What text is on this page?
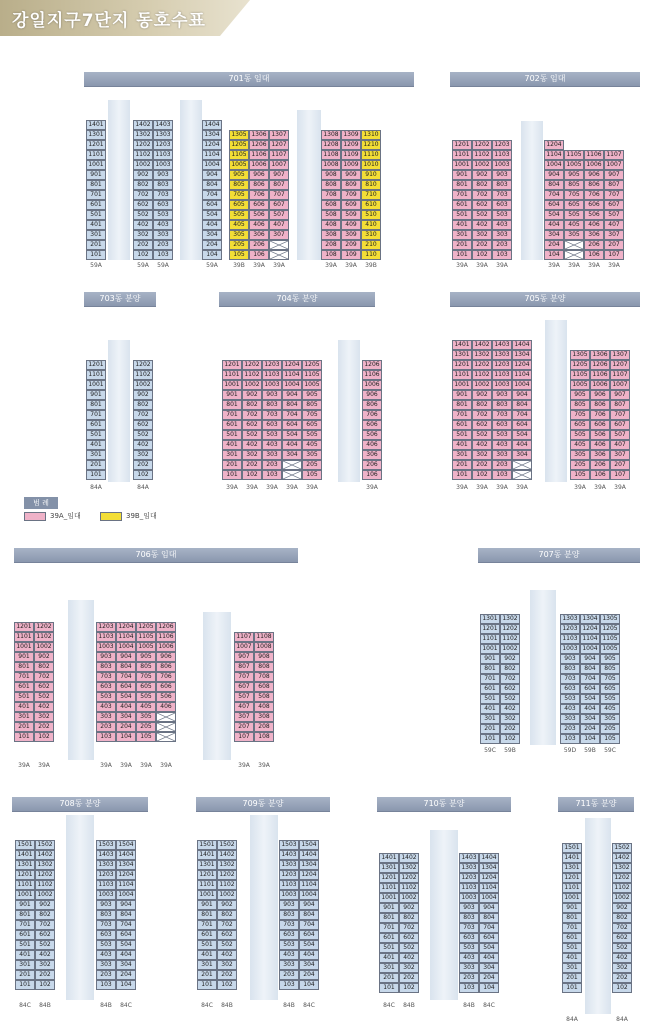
강일지구7단지 동호수표
범 례
39A_임대	39B_임대
701동 임대
1401
1301
1201
1101
1001
901
801
701
601
501
401
301
201
101
59A
1402
1302
1202
1102
1002
902
802
702
602
502
402
302
202
102
59A
1403
1303
1203
1103
1003
903
803
703
603
503
403
303
203
103
59A
1404
1304
1204
1104
1004
904
804
704
604
504
404
304
204
104
59A
1305
1205
1105
1005
905
805
705
605
505
405
305
205
105
39B
1306
1206
1106
1006
906
806
706
606
506
406
306
206
106
39A
1307
1207
1107
1007
907
807
707
607
507
407
307
39A
1308
1208
1108
1008
908
808
708
608
508
408
308
208
108
39A
1309
1209
1109
1009
909
809
709
609
509
409
309
209
109
39A
1310
1210
1110
1010
910
810
710
610
510
410
310
210
110
39B
702동 임대
1201
1101
1001
901
801
701
601
501
401
301
201
101
39A
1202
1102
1002
902
802
702
602
502
402
302
202
102
39A
1203
1103
1003
903
803
703
603
503
403
303
203
103
39A
1204
1104
1004
904
804
704
604
504
404
304
204
104
39A
1105
1005
905
805
705
605
505
405
305
39A
1106
1006
906
806
706
606
506
406
306
206
106
39A
1107
1007
907
807
707
607
507
407
307
207
107
39A
703동 분양
1201
1101
1001
901
801
701
601
501
401
301
201
101
84A
1202
1102
1002
902
802
702
602
502
402
302
202
102
84A
704동 분양
1201
1101
1001
901
801
701
601
501
401
301
201
101
39A
1202
1102
1002
902
802
702
602
502
402
302
202
102
39A
1203
1103
1003
903
803
703
603
503
403
303
203
103
39A
1204
1104
1004
904
804
704
604
504
404
304
39A
1205
1105
1005
905
805
705
605
505
405
305
205
105
39A
1206
1106
1006
906
806
706
606
506
406
306
206
106
39A
705동 분양
1401
1301
1201
1101
1001
901
801
701
601
501
401
301
201
101
39A
1402
1302
1202
1102
1002
902
802
702
602
502
402
302
202
102
39A
1403
1303
1203
1103
1003
903
803
703
603
503
403
303
203
103
39A
1404
1304
1204
1104
1004
904
804
704
604
504
404
304
39A
1305
1205
1105
1005
905
805
705
605
505
405
305
205
105
39A
1306
1206
1106
1006
906
806
706
606
506
406
306
206
106
39A
1307
1207
1107
1007
907
807
707
607
507
407
307
207
107
39A
706동 임대
1201
1101
1001
901
801
701
601
501
401
301
201
101
39A
1202
1102
1002
902
802
702
602
502
402
302
202
102
39A
1203
1103
1003
903
803
703
603
503
403
303
203
103
39A
1204
1104
1004
904
804
704
604
504
404
304
204
104
39A
1205
1105
1005
905
805
705
605
505
405
305
205
105
39A
1206
1106
1006
906
806
706
606
506
406
39A
1107
1007
907
807
707
607
507
407
307
207
107
39A
1108
1008
908
808
708
608
508
408
308
208
108
39A
707동 분양
1301
1201
1101
1001
901
801
701
601
501
401
301
201
101
59C
1302
1202
1102
1002
902
802
702
602
502
402
302
202
102
59B
1303
1203
1103
1003
903
803
703
603
503
403
303
203
103
59D
1304
1204
1104
1004
904
804
704
604
504
404
304
204
104
59B
1305
1205
1105
1005
905
805
705
605
505
405
305
205
105
59C
708동 분양
1501
1401
1301
1201
1101
1001
901
801
701
601
501
401
301
201
101
84C
1502
1402
1302
1202
1102
1002
902
802
702
602
502
402
302
202
102
84B
1503
1403
1303
1203
1103
1003
903
803
703
603
503
403
303
203
103
84B
1504
1404
1304
1204
1104
1004
904
804
704
604
504
404
304
204
104
84C
709동 분양
1501
1401
1301
1201
1101
1001
901
801
701
601
501
401
301
201
101
84C
1502
1402
1302
1202
1102
1002
902
802
702
602
502
402
302
202
102
84B
1503
1403
1303
1203
1103
1003
903
803
703
603
503
403
303
203
103
84B
1504
1404
1304
1204
1104
1004
904
804
704
604
504
404
304
204
104
84C
710동 분양
1401
1301
1201
1101
1001
901
801
701
601
501
401
301
201
101
84C
1402
1302
1202
1102
1002
902
802
702
602
502
402
302
202
102
84B
1403
1303
1203
1103
1003
903
803
703
603
503
403
303
203
103
84B
1404
1304
1204
1104
1004
904
804
704
604
504
404
304
204
104
84C
711동 분양
1501
1401
1301
1201
1101
1001
901
801
701
601
501
401
301
201
101
84A
1502
1402
1302
1202
1102
1002
902
802
702
602
502
402
302
202
102
84A
